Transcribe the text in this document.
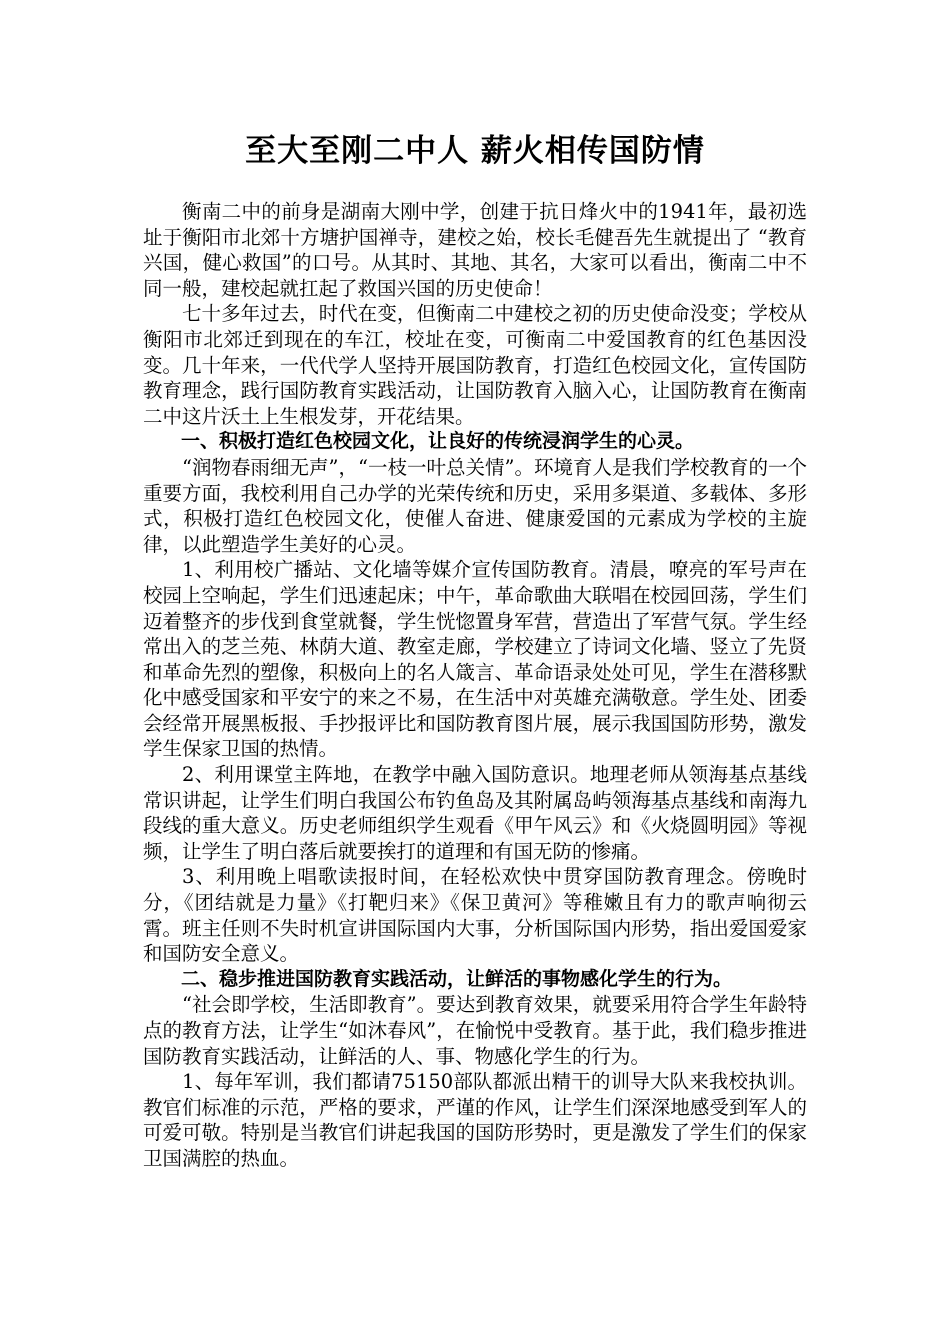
至大至刚二中人 薪火相传国防情

衡南二中的前身是湖南大刚中学，创建于抗日烽火中的1941年，最初选址于衡阳市北郊十方塘护国禅寺，建校之始，校长毛健吾先生就提出了 “教育兴国，健心救国”的口号。从其时、其地、其名，大家可以看出，衡南二中不同一般，建校起就扛起了救国兴国的历史使命！

七十多年过去，时代在变，但衡南二中建校之初的历史使命没变；学校从衡阳市北郊迁到现在的车江，校址在变，可衡南二中爱国教育的红色基因没变。几十年来，一代代学人坚持开展国防教育，打造红色校园文化，宣传国防教育理念，践行国防教育实践活动，让国防教育入脑入心，让国防教育在衡南二中这片沃土上生根发芽，开花结果。

一、积极打造红色校园文化，让良好的传统浸润学生的心灵。

“润物春雨细无声”，“一枝一叶总关情”。环境育人是我们学校教育的一个重要方面，我校利用自己办学的光荣传统和历史，采用多渠道、多载体、多形式，积极打造红色校园文化，使催人奋进、健康爱国的元素成为学校的主旋律，以此塑造学生美好的心灵。

1、利用校广播站、文化墙等媒介宣传国防教育。清晨，嘹亮的军号声在校园上空响起，学生们迅速起床；中午，革命歌曲大联唱在校园回荡，学生们迈着整齐的步伐到食堂就餐，学生恍惚置身军营，营造出了军营气氛。学生经常出入的芝兰苑、林荫大道、教室走廊，学校建立了诗词文化墙、竖立了先贤和革命先烈的塑像，积极向上的名人箴言、革命语录处处可见，学生在潜移默化中感受国家和平安宁的来之不易，在生活中对英雄充满敬意。学生处、团委会经常开展黑板报、手抄报评比和国防教育图片展，展示我国国防形势，激发学生保家卫国的热情。

2、利用课堂主阵地，在教学中融入国防意识。地理老师从领海基点基线常识讲起，让学生们明白我国公布钓鱼岛及其附属岛屿领海基点基线和南海九段线的重大意义。历史老师组织学生观看《甲午风云》和《火烧圆明园》等视频，让学生了明白落后就要挨打的道理和有国无防的惨痛。

3、利用晚上唱歌读报时间，在轻松欢快中贯穿国防教育理念。傍晚时分，《团结就是力量》《打靶归来》《保卫黄河》等稚嫩且有力的歌声响彻云霄。班主任则不失时机宣讲国际国内大事，分析国际国内形势，指出爱国爱家和国防安全意义。

二、稳步推进国防教育实践活动，让鲜活的事物感化学生的行为。

“社会即学校，生活即教育”。要达到教育效果，就要采用符合学生年龄特点的教育方法，让学生“如沐春风”，在愉悦中受教育。基于此，我们稳步推进国防教育实践活动，让鲜活的人、事、物感化学生的行为。

1、每年军训，我们都请75150部队都派出精干的训导大队来我校执训。教官们标准的示范，严格的要求，严谨的作风，让学生们深深地感受到军人的可爱可敬。特别是当教官们讲起我国的国防形势时，更是激发了学生们的保家卫国满腔的热血。
